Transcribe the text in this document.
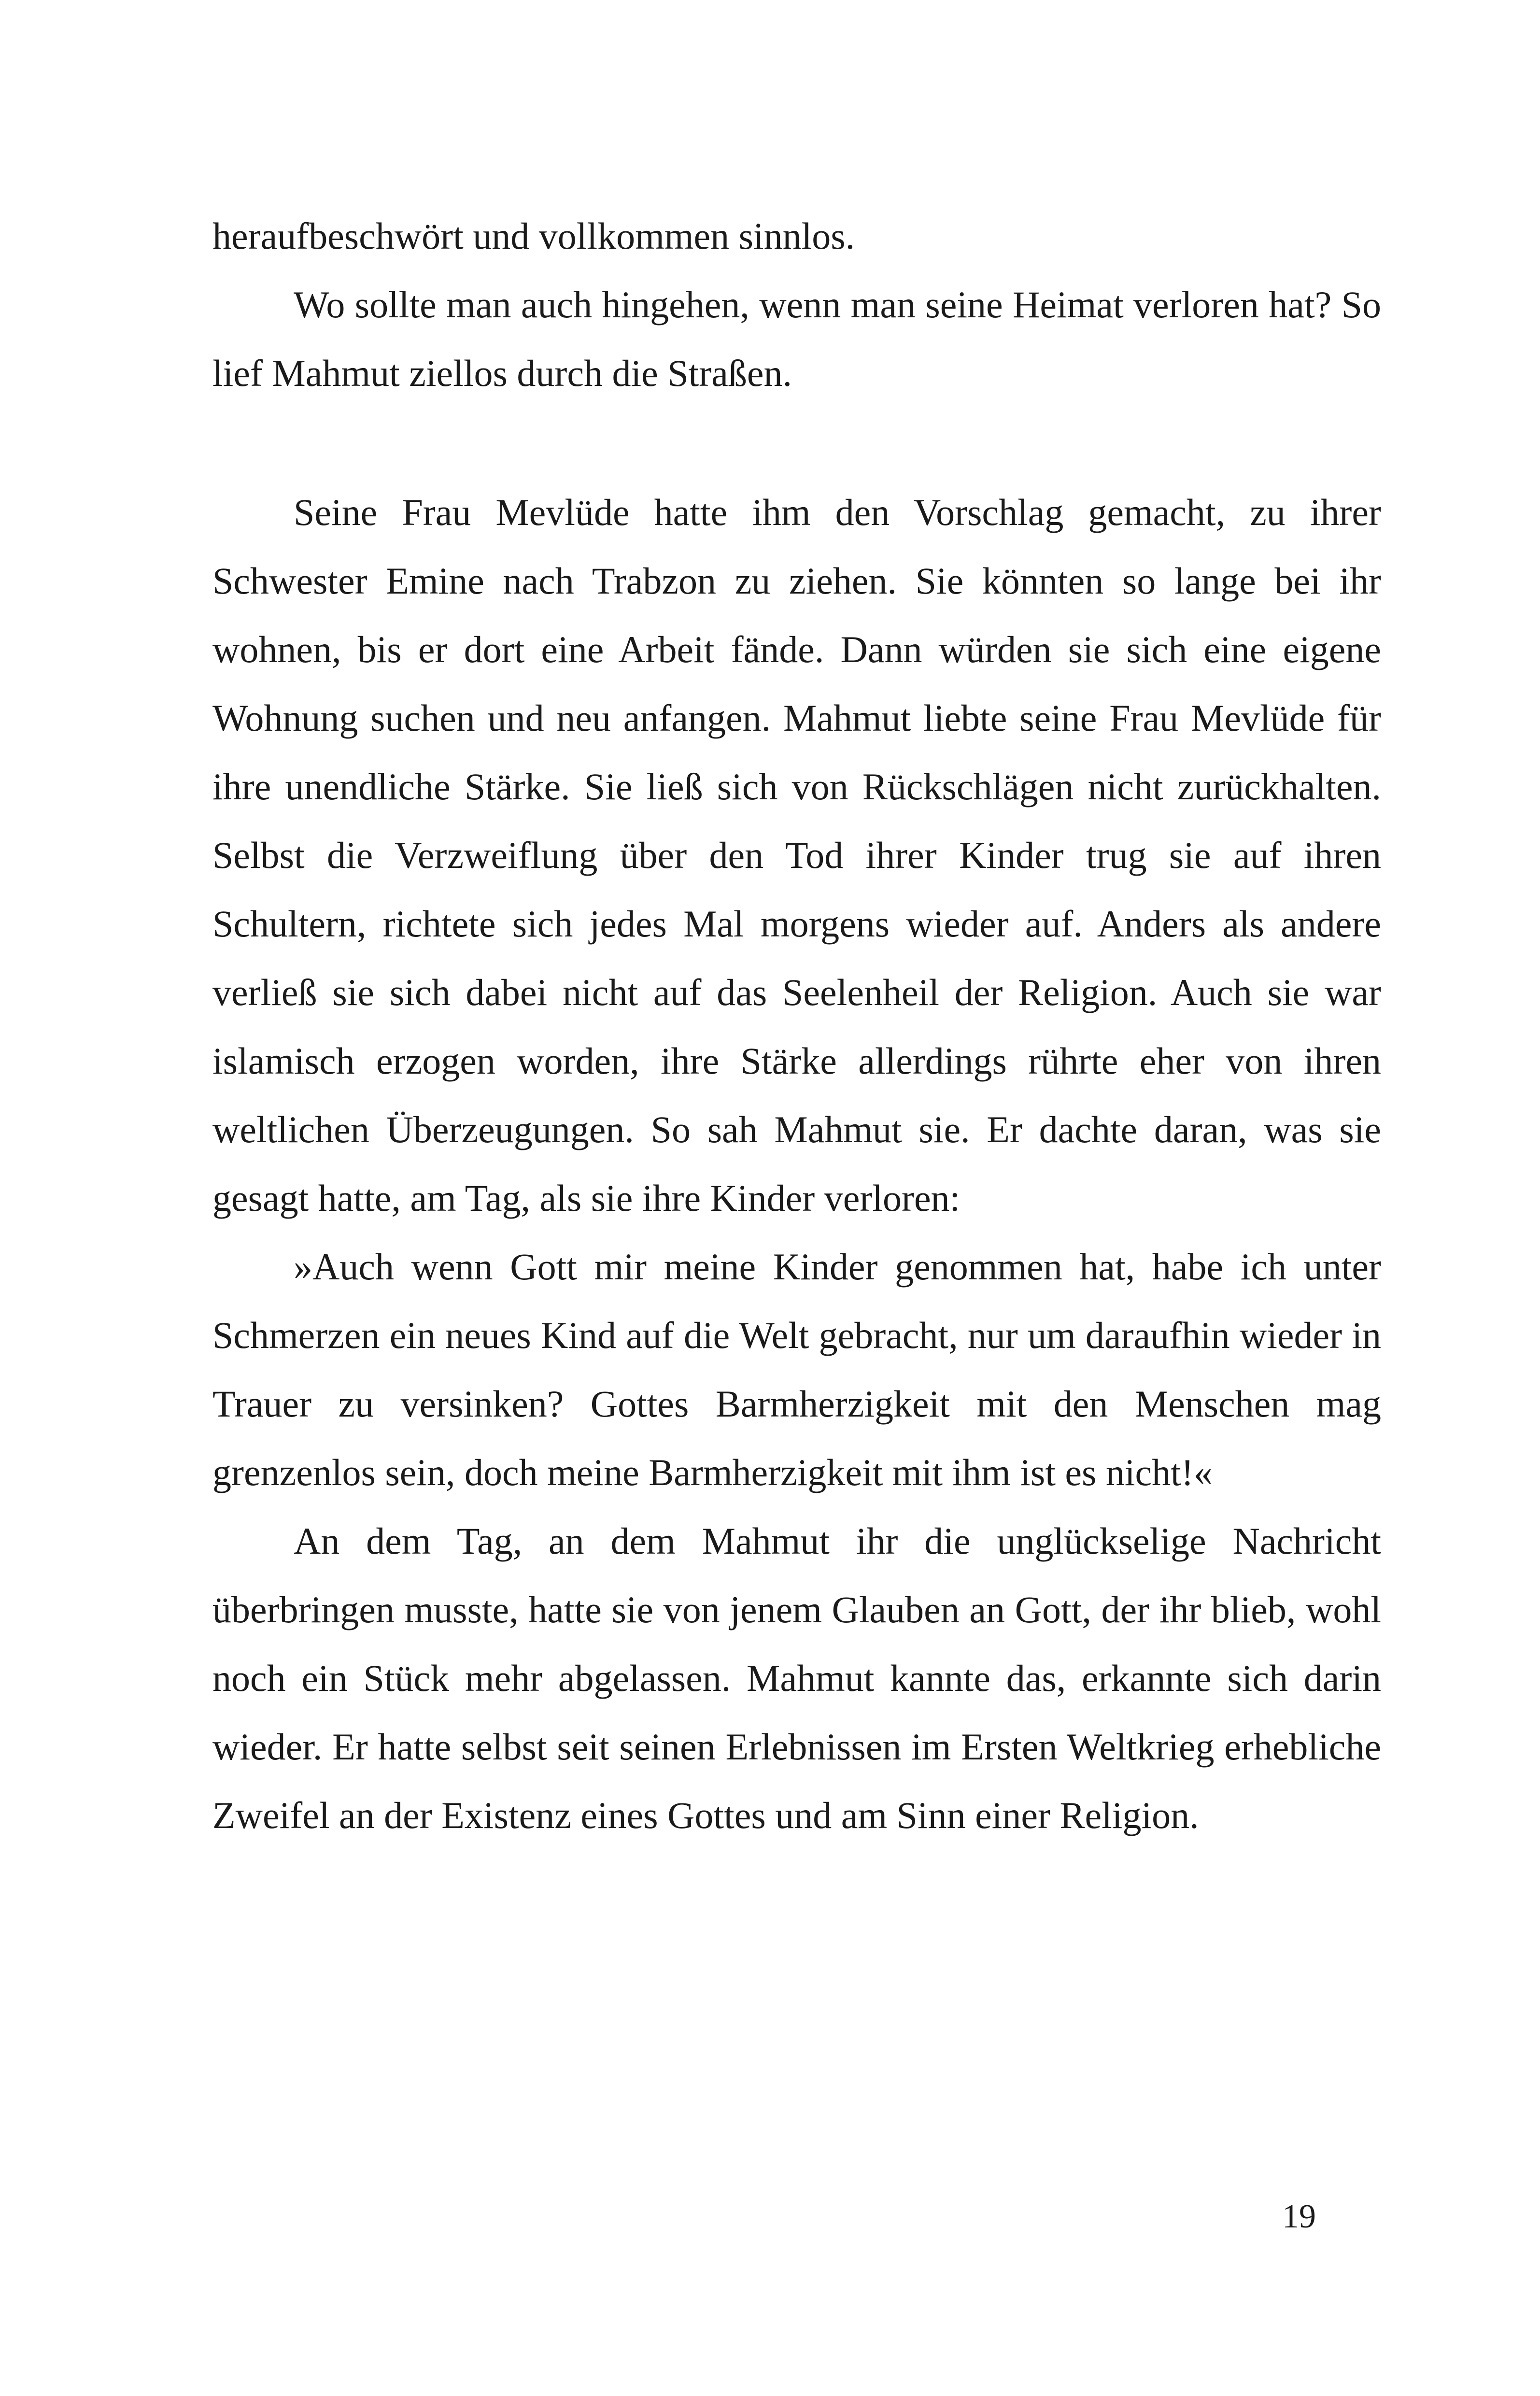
heraufbeschwört und vollkommen sinnlos.

Wo sollte man auch hingehen, wenn man seine Heimat verloren hat? So lief Mahmut ziellos durch die Straßen.

Seine Frau Mevlüde hatte ihm den Vorschlag gemacht, zu ihrer Schwester Emine nach Trabzon zu ziehen. Sie könnten so lange bei ihr wohnen, bis er dort eine Arbeit fände. Dann würden sie sich eine eigene Wohnung suchen und neu anfangen. Mahmut liebte seine Frau Mevlüde für ihre unendliche Stärke. Sie ließ sich von Rückschlägen nicht zurückhalten. Selbst die Verzweiflung über den Tod ihrer Kinder trug sie auf ihren Schultern, richtete sich jedes Mal morgens wieder auf. Anders als andere verließ sie sich dabei nicht auf das Seelenheil der Religion. Auch sie war islamisch erzogen worden, ihre Stärke allerdings rührte eher von ihren weltlichen Überzeugungen. So sah Mahmut sie. Er dachte daran, was sie gesagt hatte, am Tag, als sie ihre Kinder verloren:

»Auch wenn Gott mir meine Kinder genommen hat, habe ich unter Schmerzen ein neues Kind auf die Welt gebracht, nur um daraufhin wieder in Trauer zu versinken? Gottes Barmherzigkeit mit den Menschen mag grenzenlos sein, doch meine Barmherzigkeit mit ihm ist es nicht!«

An dem Tag, an dem Mahmut ihr die unglückselige Nachricht überbringen musste, hatte sie von jenem Glauben an Gott, der ihr blieb, wohl noch ein Stück mehr abgelassen. Mahmut kannte das, erkannte sich darin wieder. Er hatte selbst seit seinen Erlebnissen im Ersten Weltkrieg erhebliche Zweifel an der Existenz eines Gottes und am Sinn einer Religion.

19
